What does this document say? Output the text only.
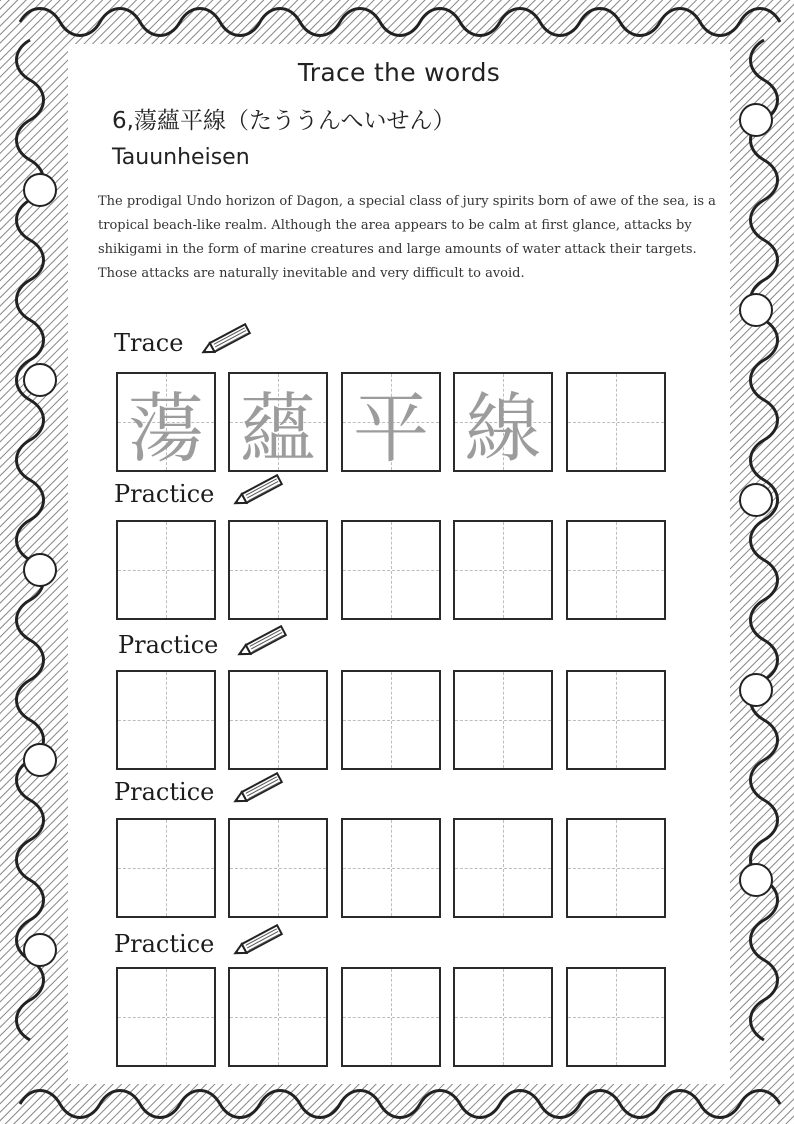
Trace the words
6,蕩蘊平線（たううんへいせん）
Tauunheisen

The prodigal Undo horizon of Dagon, a special class of jury spirits born of awe of the sea, is a tropical beach-like realm. Although the area appears to be calm at first glance, attacks by shikigami in the form of marine creatures and large amounts of water attack their targets. Those attacks are naturally inevitable and very difficult to avoid.

Trace
蕩 蘊 平 線
Practice
Practice
Practice
Practice
